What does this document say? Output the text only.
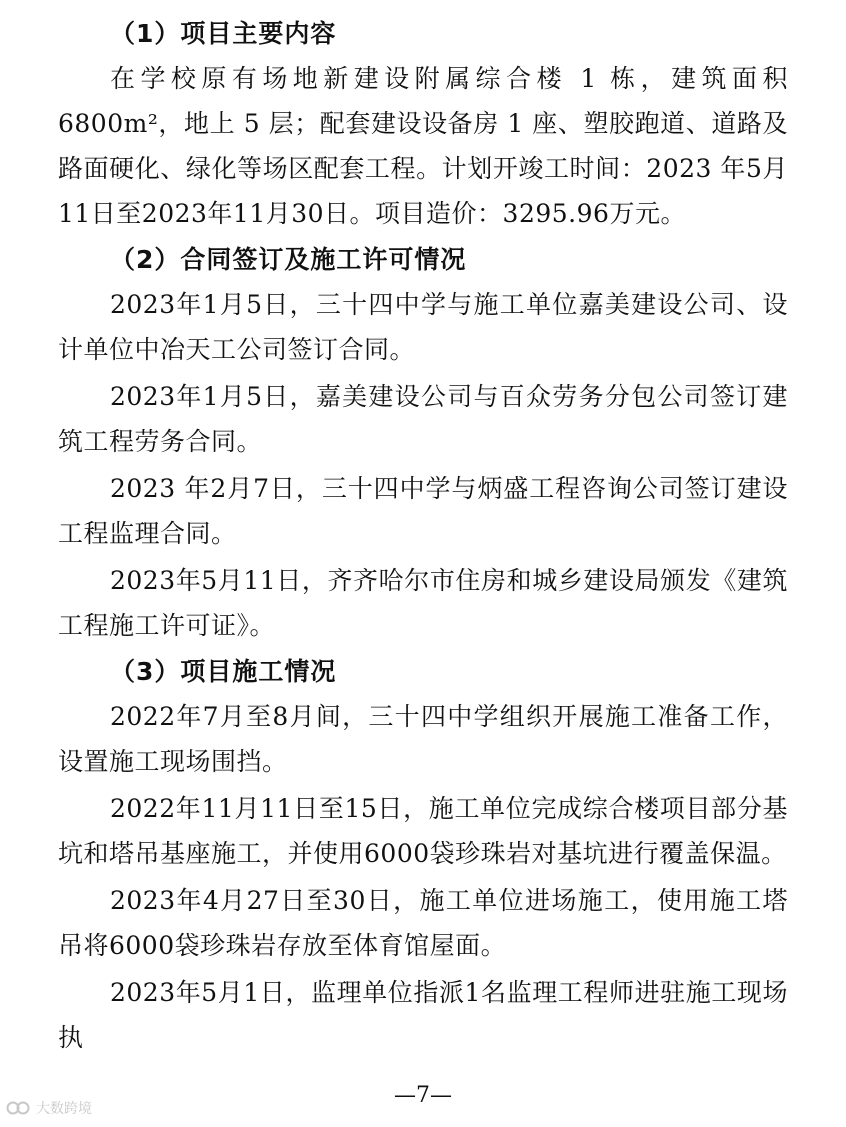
（1）项目主要内容

在学校原有场地新建设附属综合楼 1 栋，建筑面积 6800m²，地上 5 层；配套建设设备房 1 座、塑胶跑道、道路及路面硬化、绿化等场区配套工程。计划开竣工时间：2023 年5月11日至2023年11月30日。项目造价：3295.96万元。

（2）合同签订及施工许可情况

2023年1月5日，三十四中学与施工单位嘉美建设公司、设计单位中冶天工公司签订合同。

2023年1月5日，嘉美建设公司与百众劳务分包公司签订建筑工程劳务合同。

2023 年2月7日，三十四中学与炳盛工程咨询公司签订建设工程监理合同。

2023年5月11日，齐齐哈尔市住房和城乡建设局颁发《建筑工程施工许可证》。

（3）项目施工情况

2022年7月至8月间，三十四中学组织开展施工准备工作，设置施工现场围挡。

2022年11月11日至15日，施工单位完成综合楼项目部分基坑和塔吊基座施工，并使用6000袋珍珠岩对基坑进行覆盖保温。

2023年4月27日至30日，施工单位进场施工，使用施工塔吊将6000袋珍珠岩存放至体育馆屋面。

2023年5月1日，监理单位指派1名监理工程师进驻施工现场执

—7—
大数跨境
